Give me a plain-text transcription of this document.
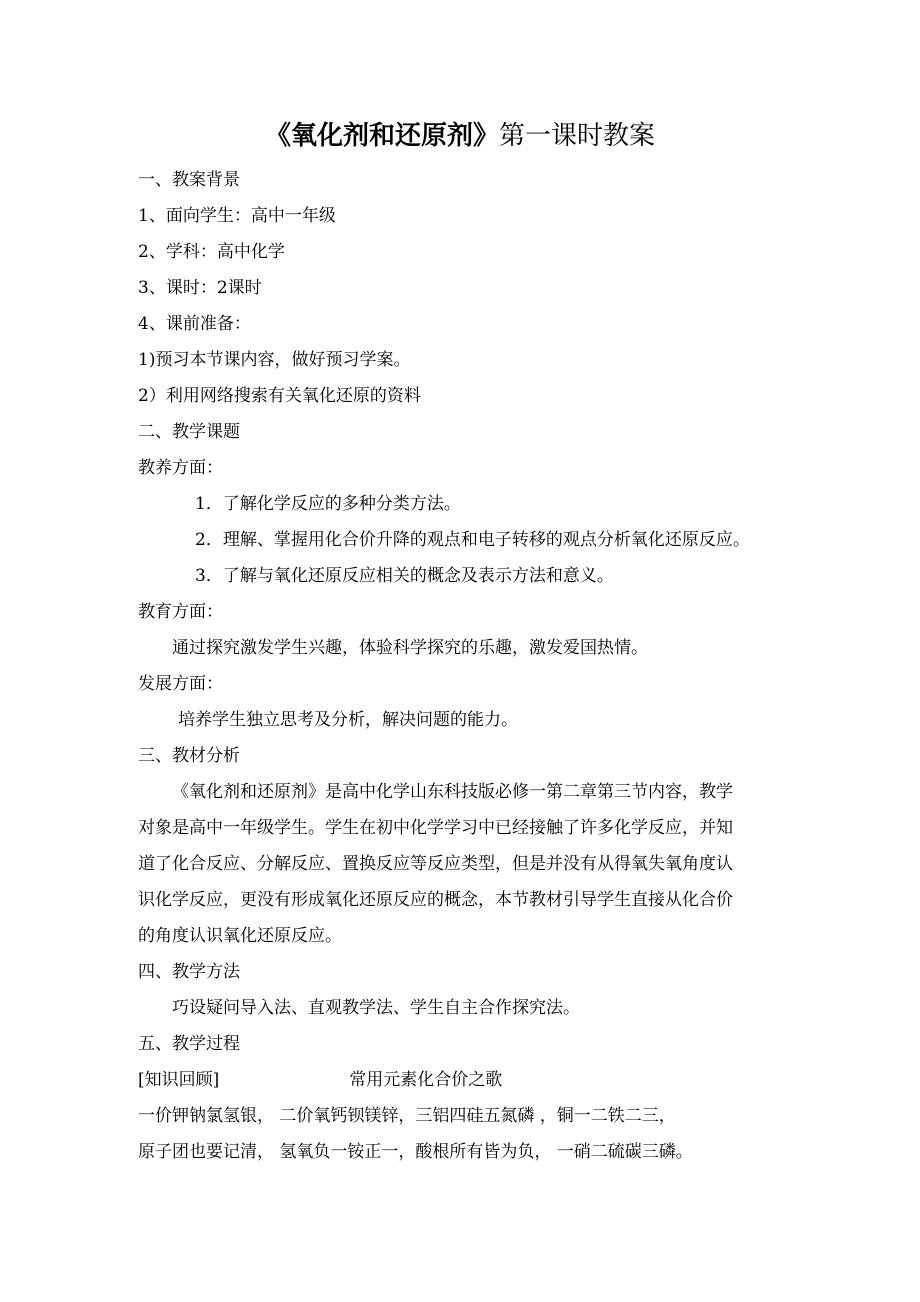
《氧化剂和还原剂》第一课时教案
一、教案背景
1、面向学生：高中一年级
2、学科：高中化学
3、课时：2课时
4、课前准备：
1)预习本节课内容，做好预习学案。
2）利用网络搜索有关氧化还原的资料
二、教学课题
教养方面：
1．了解化学反应的多种分类方法。
2．理解、掌握用化合价升降的观点和电子转移的观点分析氧化还原反应。
3．了解与氧化还原反应相关的概念及表示方法和意义。
教育方面：
通过探究激发学生兴趣，体验科学探究的乐趣，激发爱国热情。
发展方面：
培养学生独立思考及分析，解决问题的能力。
三、教材分析
《氧化剂和还原剂》是高中化学山东科技版必修一第二章第三节内容，教学
对象是高中一年级学生。学生在初中化学学习中已经接触了许多化学反应，并知
道了化合反应、分解反应、置换反应等反应类型，但是并没有从得氧失氧角度认
识化学反应，更没有形成氧化还原反应的概念，本节教材引导学生直接从化合价
的角度认识氧化还原反应。
四、教学方法
巧设疑问导入法、直观教学法、学生自主合作探究法。
五、教学过程
[知识回顾]	常用元素化合价之歌
一价钾钠氯氢银， 二价氧钙钡镁锌，三铝四硅五氮磷 ，铜一二铁二三，
原子团也要记清， 氢氧负一铵正一，酸根所有皆为负， 一硝二硫碳三磷。
